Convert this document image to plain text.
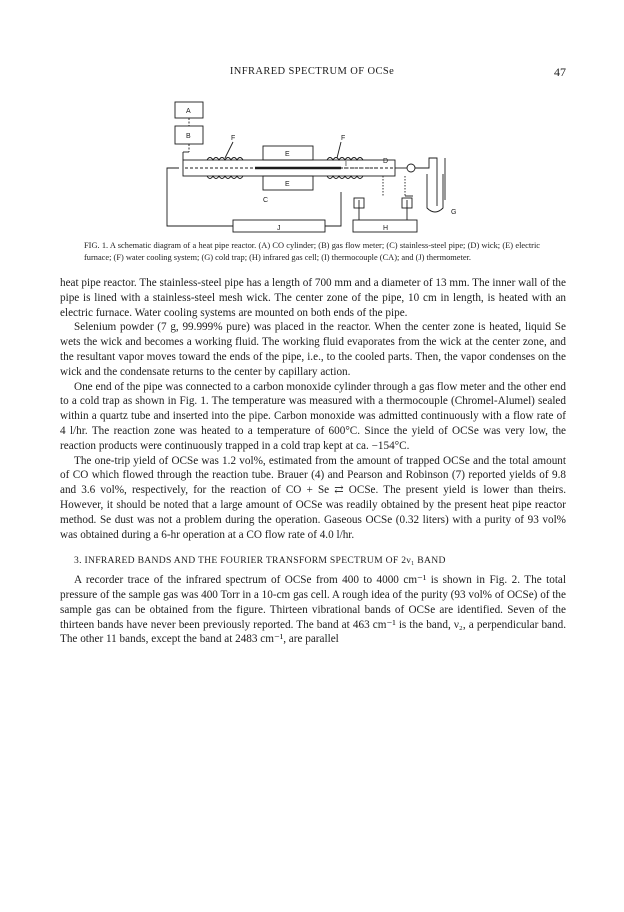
INFRARED SPECTRUM OF OCSe	47
A
B
C
D
E
E
F	F
G
H
I
J
FIG. 1. A schematic diagram of a heat pipe reactor. (A) CO cylinder; (B) gas flow meter; (C) stainless-steel pipe; (D) wick; (E) electric furnace; (F) water cooling system; (G) cold trap; (H) infrared gas cell; (I) thermocouple (CA); and (J) thermometer.

heat pipe reactor. The stainless-steel pipe has a length of 700 mm and a diameter of 13 mm. The inner wall of the pipe is lined with a stainless-steel mesh wick. The center zone of the pipe, 10 cm in length, is heated with an electric furnace. Water cooling systems are mounted on both ends of the pipe.

Selenium powder (7 g, 99.999% pure) was placed in the reactor. When the center zone is heated, liquid Se wets the wick and becomes a working fluid. The working fluid evaporates from the wick at the center zone, and the resultant vapor moves toward the ends of the pipe, i.e., to the cooled parts. Then, the vapor condenses on the wick and the condensate returns to the center by capillary action.

One end of the pipe was connected to a carbon monoxide cylinder through a gas flow meter and the other end to a cold trap as shown in Fig. 1. The temperature was measured with a thermocouple (Chromel-Alumel) sealed within a quartz tube and inserted into the pipe. Carbon monoxide was admitted continuously with a flow rate of 4 l/hr. The reaction zone was heated to a temperature of 600°C. Since the yield of OCSe was very low, the reaction products were continuously trapped in a cold trap kept at ca. −154°C.

The one-trip yield of OCSe was 1.2 vol%, estimated from the amount of trapped OCSe and the total amount of CO which flowed through the reaction tube. Brauer (4) and Pearson and Robinson (7) reported yields of 9.8 and 3.6 vol%, respectively, for the reaction of CO + Se ⇄ OCSe. The present yield is lower than theirs. However, it should be noted that a large amount of OCSe was readily obtained by the present heat pipe reactor method. Se dust was not a problem during the operation. Gaseous OCSe (0.32 liters) with a purity of 93 vol% was obtained during a 6-hr operation at a CO flow rate of 4.0 l/hr.

3. INFRARED BANDS AND THE FOURIER TRANSFORM SPECTRUM OF 2ν₁ BAND

A recorder trace of the infrared spectrum of OCSe from 400 to 4000 cm⁻¹ is shown in Fig. 2. The total pressure of the sample gas was 400 Torr in a 10-cm gas cell. A rough idea of the purity (93 vol% of OCSe) of the sample gas can be obtained from the figure. Thirteen vibrational bands of OCSe are identified. Seven of the thirteen bands have never been previously reported. The band at 463 cm⁻¹ is the band, ν₂, a perpendicular band. The other 11 bands, except the band at 2483 cm⁻¹, are parallel
